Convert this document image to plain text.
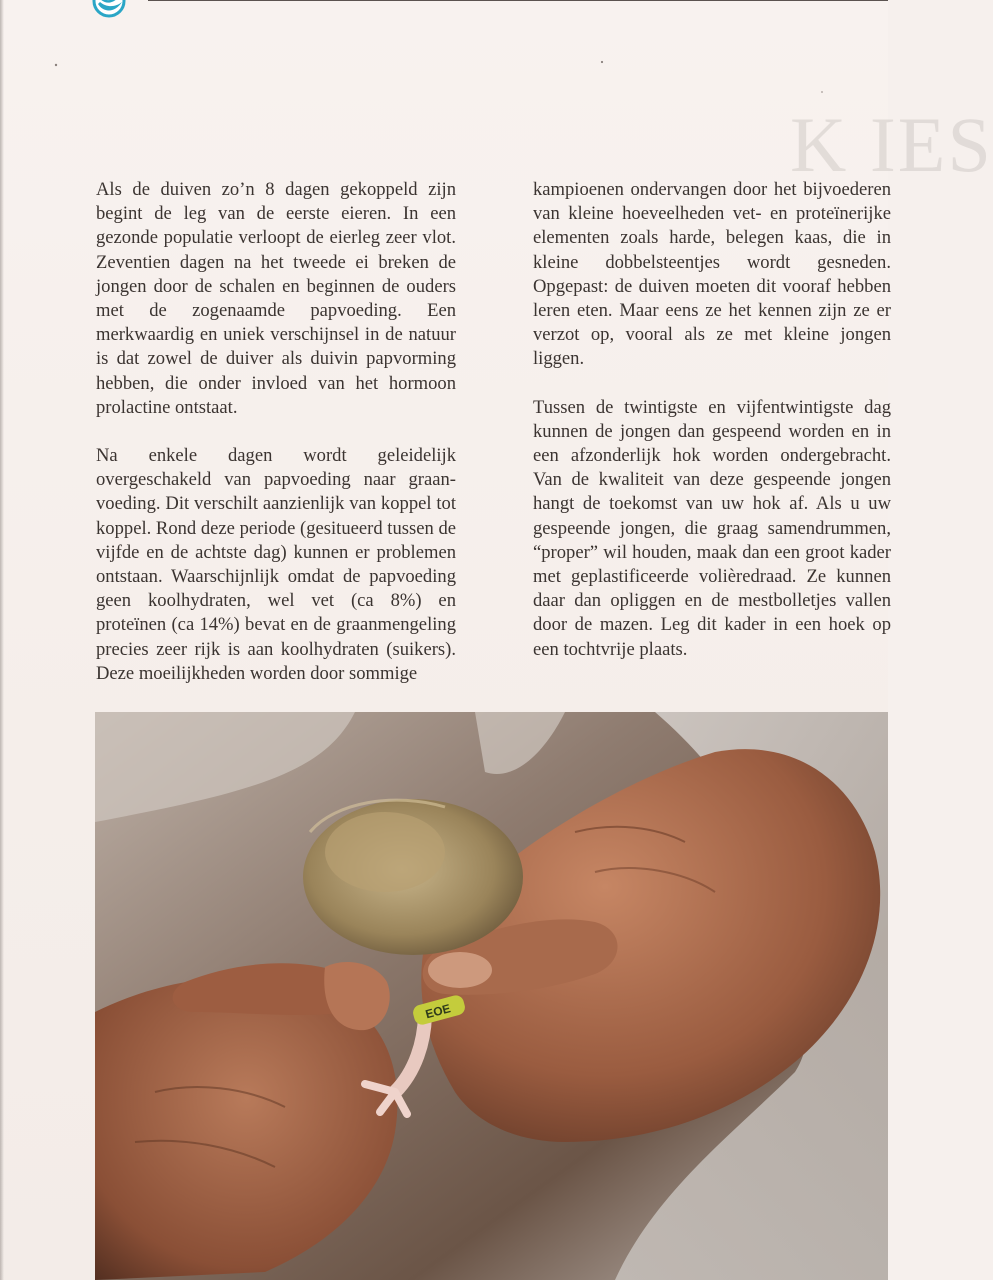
K IES

Als de duiven zo’n 8 dagen gekoppeld zijn begint de leg van de eerste eieren. In een gezonde populatie verloopt de eierleg zeer vlot. Zeventien dagen na het tweede ei breken de jongen door de schalen en beginnen de ouders met de zogenaamde papvoeding. Een merkwaardig en uniek verschijnsel in de natuur is dat zowel de duiver als duivin papvorming hebben, die onder invloed van het hormoon prolactine ontstaat.

Na enkele dagen wordt geleidelijk overgeschakeld van papvoeding naar graanvoeding. Dit verschilt aanzienlijk van koppel tot koppel. Rond deze periode (gesitueerd tussen de vijfde en de achtste dag) kunnen er problemen ontstaan. Waarschijnlijk omdat de papvoeding geen koolhydraten, wel vet (ca 8%) en proteïnen (ca 14%) bevat en de graanmengeling precies zeer rijk is aan koolhydraten (suikers). Deze moeilijkheden worden door sommige

kampioenen ondervangen door het bijvoederen van kleine hoeveelheden vet- en proteïnerijke elementen zoals harde, belegen kaas, die in kleine dobbelsteentjes wordt gesneden. Opgepast: de duiven moeten dit vooraf hebben leren eten. Maar eens ze het kennen zijn ze er verzot op, vooral als ze met kleine jongen liggen.

Tussen de twintigste en vijfentwintigste dag kunnen de jongen dan gespeend worden en in een afzonderlijk hok worden ondergebracht. Van de kwaliteit van deze gespeende jongen hangt de toekomst van uw hok af. Als u uw gespeende jongen, die graag samendrummen, “proper” wil houden, maak dan een groot kader met geplastificeerde volièredraad. Ze kunnen daar dan opliggen en de mestbolletjes vallen door de mazen. Leg dit kader in een hoek op een tochtvrije plaats.

EOE
